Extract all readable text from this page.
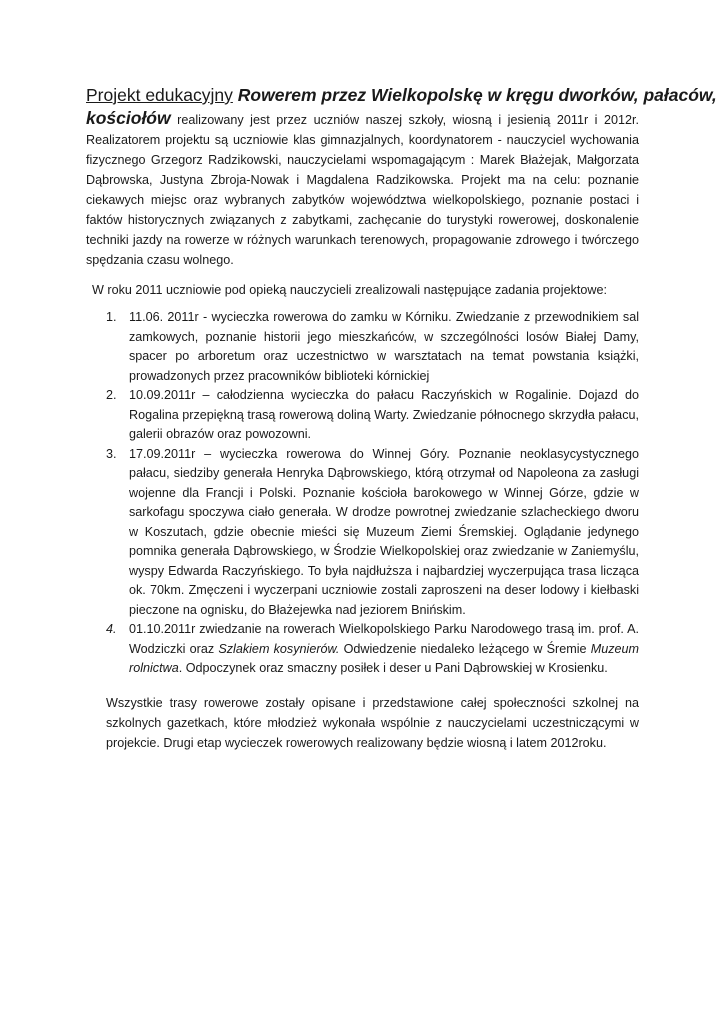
Projekt edukacyjny Rowerem przez Wielkopolskę w kręgu dworków, pałaców,

kościołów realizowany jest przez uczniów naszej szkoły, wiosną i jesienią 2011r i 2012r. Realizatorem projektu są uczniowie klas gimnazjalnych, koordynatorem - nauczyciel wychowania fizycznego Grzegorz Radzikowski, nauczycielami wspomagającym : Marek Błażejak, Małgorzata Dąbrowska, Justyna Zbroja-Nowak i Magdalena Radzikowska. Projekt ma na celu: poznanie ciekawych miejsc oraz wybranych zabytków województwa wielkopolskiego, poznanie postaci i faktów historycznych związanych z zabytkami, zachęcanie do turystyki rowerowej, doskonalenie techniki jazdy na rowerze w różnych warunkach terenowych, propagowanie zdrowego i twórczego spędzania czasu wolnego.

W roku 2011 uczniowie pod opieką nauczycieli zrealizowali następujące zadania projektowe:

1. 11.06. 2011r - wycieczka rowerowa do zamku w Kórniku. Zwiedzanie z przewodnikiem sal zamkowych, poznanie historii jego mieszkańców, w szczególności losów Białej Damy, spacer po arboretum oraz uczestnictwo w warsztatach na temat powstania książki, prowadzonych przez pracowników biblioteki kórnickiej
2. 10.09.2011r – całodzienna wycieczka do pałacu Raczyńskich w Rogalinie. Dojazd do Rogalina przepiękną trasą rowerową doliną Warty. Zwiedzanie północnego skrzydła pałacu, galerii obrazów oraz powozowni.
3. 17.09.2011r – wycieczka rowerowa do Winnej Góry. Poznanie neoklasycystycznego pałacu, siedziby generała Henryka Dąbrowskiego, którą otrzymał od Napoleona za zasługi wojenne dla Francji i Polski. Poznanie kościoła barokowego w Winnej Górze, gdzie w sarkofagu spoczywa ciało generała. W drodze powrotnej zwiedzanie szlacheckiego dworu w Koszutach, gdzie obecnie mieści się Muzeum Ziemi Śremskiej. Oglądanie jedynego pomnika generała Dąbrowskiego, w Środzie Wielkopolskiej oraz zwiedzanie w Zaniemyślu, wyspy Edwarda Raczyńskiego. To była najdłuższa i najbardziej wyczerpująca trasa licząca ok. 70km. Zmęczeni i wyczerpani uczniowie zostali zaproszeni na deser lodowy i kiełbaski pieczone na ognisku, do Błażejewka nad jeziorem Bnińskim.
4. 01.10.2011r zwiedzanie na rowerach Wielkopolskiego Parku Narodowego trasą im. prof. A. Wodziczki oraz Szlakiem kosynierów. Odwiedzenie niedaleko leżącego w Śremie Muzeum rolnictwa. Odpoczynek oraz smaczny posiłek i deser u Pani Dąbrowskiej w Krosienku.

Wszystkie trasy rowerowe zostały opisane i przedstawione całej społeczności szkolnej na szkolnych gazetkach, które młodzież wykonała wspólnie z nauczycielami uczestniczącymi w projekcie. Drugi etap wycieczek rowerowych realizowany będzie wiosną i latem 2012roku.
